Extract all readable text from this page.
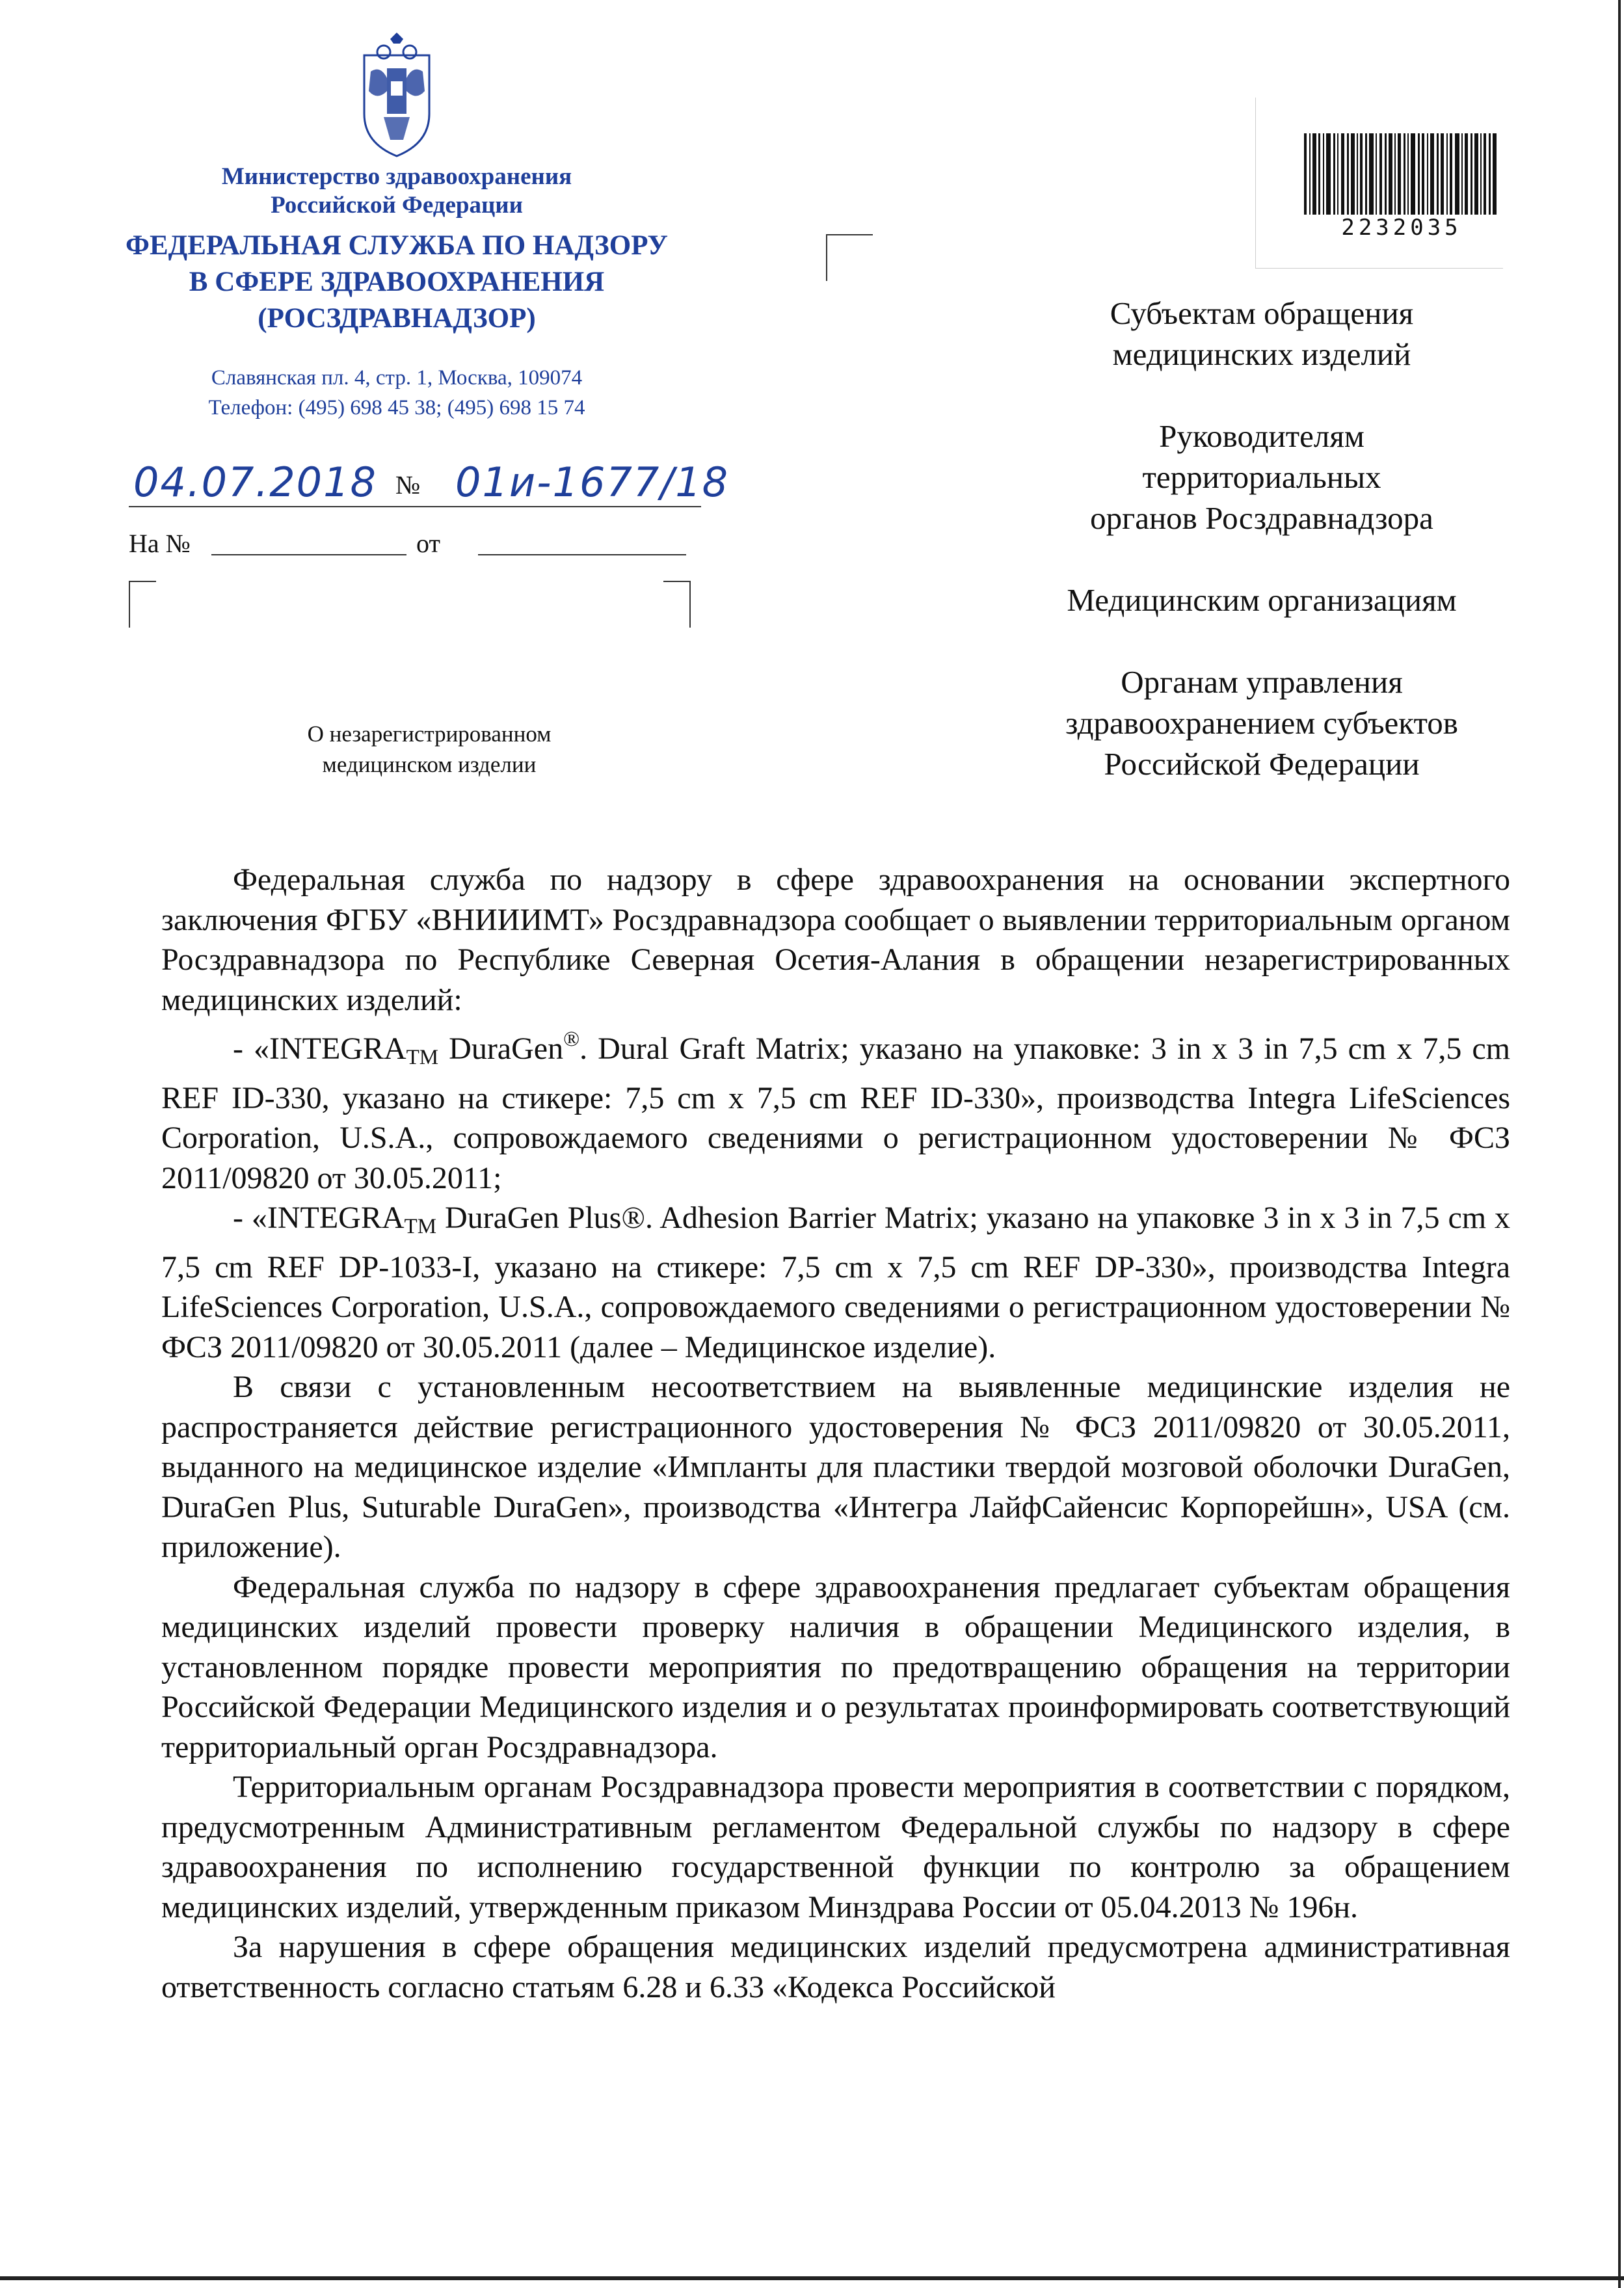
Министерство здравоохранения
Российской Федерации
ФЕДЕРАЛЬНАЯ СЛУЖБА ПО НАДЗОРУ
В СФЕРЕ ЗДРАВООХРАНЕНИЯ
(РОСЗДРАВНАДЗОР)
Славянская пл. 4, стр. 1, Москва, 109074
Телефон: (495) 698 45 38; (495) 698 15 74
04.07.2018 № 01и-1677/18
На №	от
О незарегистрированном
медицинском изделии
2232035
Субъектам обращения
медицинских изделий
Руководителям
территориальных
органов Росздравнадзора
Медицинским организациям
Органам управления
здравоохранением субъектов
Российской Федерации

Федеральная служба по надзору в сфере здравоохранения на основании экспертного заключения ФГБУ «ВНИИИМТ» Росздравнадзора сообщает о выявлении территориальным органом Росздравнадзора по Республике Северная Осетия-Алания в обращении незарегистрированных медицинских изделий:

- «$INTEGRA_{TM}$ DuraGen®. Dural Graft Matrix; указано на упаковке: 3 in x 3 in 7,5 cm x 7,5 cm REF ID-330, указано на стикере: 7,5 cm x 7,5 cm REF ID-330», производства Integra LifeSciences Corporation, U.S.A., сопровождаемого сведениями о регистрационном удостоверении № ФСЗ 2011/09820 от 30.05.2011;

- «$INTEGRA_{TM}$ DuraGen Plus®. Adhesion Barrier Matrix; указано на упаковке 3 in x 3 in 7,5 cm x 7,5 cm REF DP-1033-I, указано на стикере: 7,5 cm x 7,5 cm REF DP-330», производства Integra LifeSciences Corporation, U.S.A., сопровождаемого сведениями о регистрационном удостоверении № ФСЗ 2011/09820 от 30.05.2011 (далее – Медицинское изделие).

В связи с установленным несоответствием на выявленные медицинские изделия не распространяется действие регистрационного удостоверения № ФСЗ 2011/09820 от 30.05.2011, выданного на медицинское изделие «Импланты для пластики твердой мозговой оболочки DuraGen, DuraGen Plus, Suturable DuraGen», производства «Интегра ЛайфСайенсис Корпорейшн», USA (см. приложение).

Федеральная служба по надзору в сфере здравоохранения предлагает субъектам обращения медицинских изделий провести проверку наличия в обращении Медицинского изделия, в установленном порядке провести мероприятия по предотвращению обращения на территории Российской Федерации Медицинского изделия и о результатах проинформировать соответствующий территориальный орган Росздравнадзора.

Территориальным органам Росздравнадзора провести мероприятия в соответствии с порядком, предусмотренным Административным регламентом Федеральной службы по надзору в сфере здравоохранения по исполнению государственной функции по контролю за обращением медицинских изделий, утвержденным приказом Минздрава России от 05.04.2013 № 196н.

За нарушения в сфере обращения медицинских изделий предусмотрена административная ответственность согласно статьям 6.28 и 6.33 «Кодекса Российской
